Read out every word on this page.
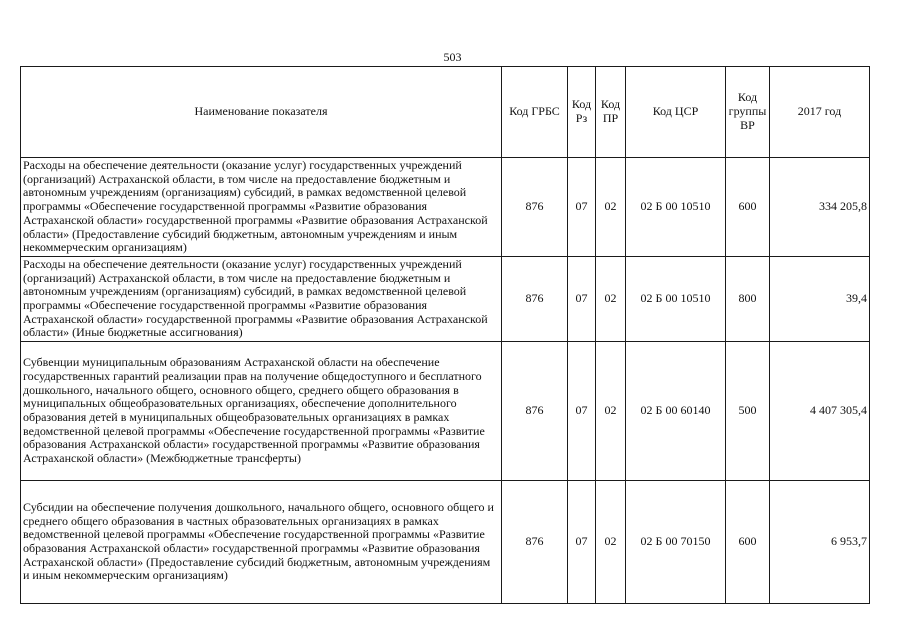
503
Наименование показателя	Код ГРБС	Код Рз	Код ПР	Код ЦСР	Код группы ВР	2017 год
Расходы на обеспечение деятельности (оказание услуг) государственных учреждений (организаций) Астраханской области, в том числе на предоставление бюджетным и автономным учреждениям (организациям) субсидий, в рамках ведомственной целевой программы «Обеспечение государственной программы «Развитие образования Астраханской области» государственной программы «Развитие образования Астраханской области» (Предоставление субсидий бюджетным, автономным учреждениям и иным некоммерческим организациям)	876	07	02	02 Б 00 10510	600	334 205,8
Расходы на обеспечение деятельности (оказание услуг) государственных учреждений (организаций) Астраханской области, в том числе на предоставление бюджетным и автономным учреждениям (организациям) субсидий, в рамках ведомственной целевой программы «Обеспечение государственной программы «Развитие образования Астраханской области» государственной программы «Развитие образования Астраханской области» (Иные бюджетные ассигнования)	876	07	02	02 Б 00 10510	800	39,4
Субвенции муниципальным образованиям Астраханской области на обеспечение государственных гарантий реализации прав на получение общедоступного и бесплатного дошкольного, начального общего, основного общего, среднего общего образования в муниципальных общеобразовательных организациях, обеспечение дополнительного образования детей в муниципальных общеобразовательных организациях в рамках ведомственной целевой программы «Обеспечение государственной программы «Развитие образования Астраханской области» государственной программы «Развитие образования Астраханской области» (Межбюджетные трансферты)	876	07	02	02 Б 00 60140	500	4 407 305,4
Субсидии на обеспечение получения дошкольного, начального общего, основного общего и среднего общего образования в частных образовательных организациях в рамках ведомственной целевой программы «Обеспечение государственной программы «Развитие образования Астраханской области» государственной программы «Развитие образования Астраханской области» (Предоставление субсидий бюджетным, автономным учреждениям и иным некоммерческим организациям)	876	07	02	02 Б 00 70150	600	6 953,7
